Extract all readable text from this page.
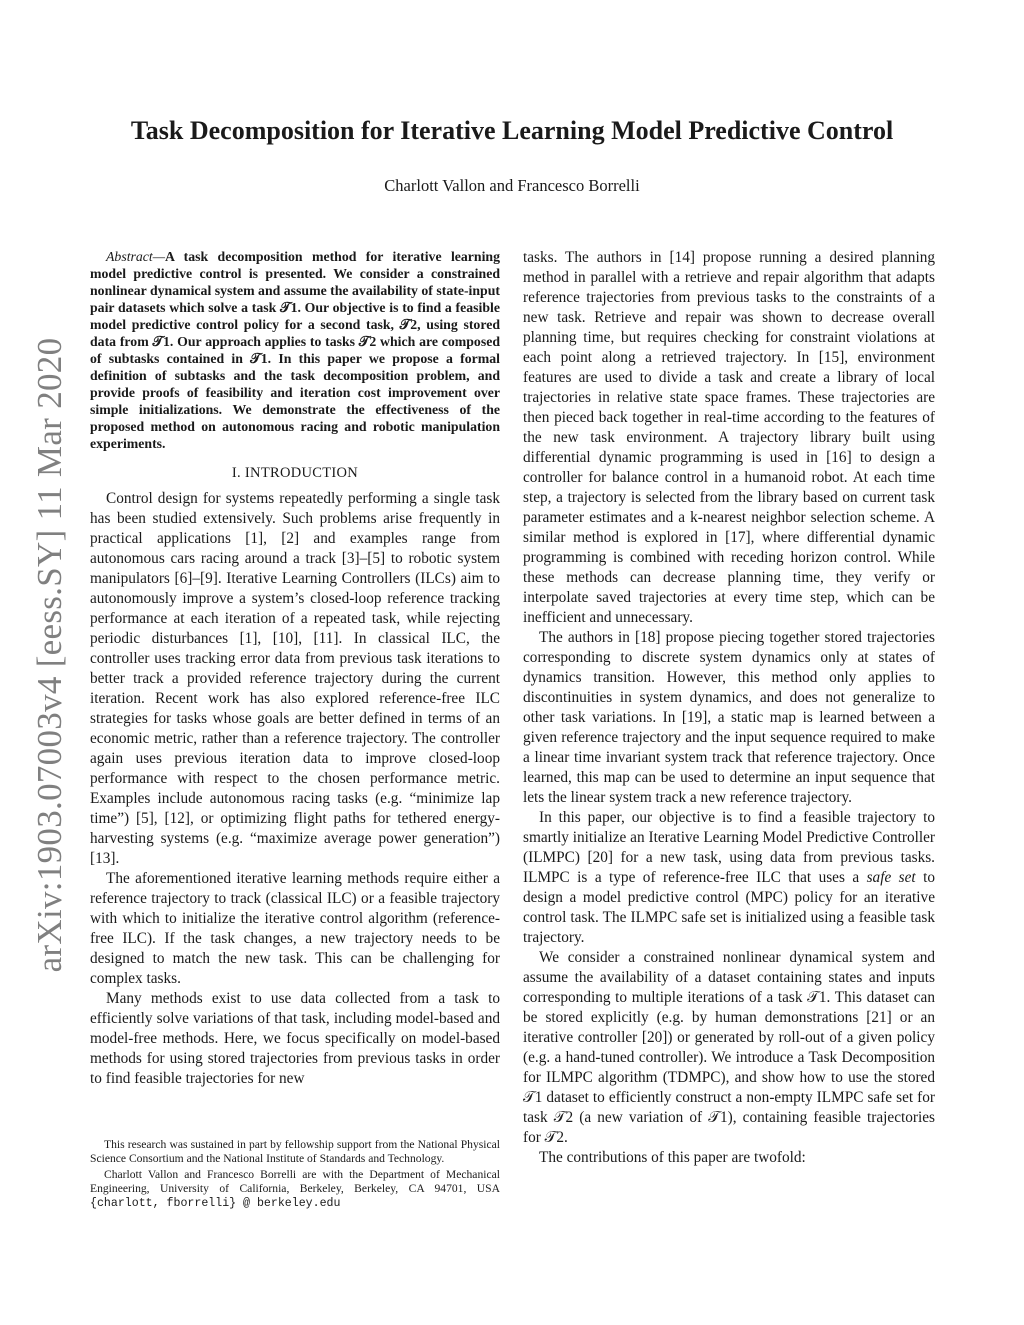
arXiv:1903.07003v4 [eess.SY] 11 Mar 2020
Task Decomposition for Iterative Learning Model Predictive Control
Charlott Vallon and Francesco Borrelli

Abstract—A task decomposition method for iterative learning model predictive control is presented. We consider a constrained nonlinear dynamical system and assume the availability of state-input pair datasets which solve a task 𝒯1. Our objective is to find a feasible model predictive control policy for a second task, 𝒯2, using stored data from 𝒯1. Our approach applies to tasks 𝒯2 which are composed of subtasks contained in 𝒯1. In this paper we propose a formal definition of subtasks and the task decomposition problem, and provide proofs of feasibility and iteration cost improvement over simple initializations. We demonstrate the effectiveness of the proposed method on autonomous racing and robotic manipulation experiments.

I. INTRODUCTION

Control design for systems repeatedly performing a single task has been studied extensively. Such problems arise frequently in practical applications [1], [2] and examples range from autonomous cars racing around a track [3]–[5] to robotic system manipulators [6]–[9]. Iterative Learning Controllers (ILCs) aim to autonomously improve a system’s closed-loop reference tracking performance at each iteration of a repeated task, while rejecting periodic disturbances [1], [10], [11]. In classical ILC, the controller uses tracking error data from previous task iterations to better track a provided reference trajectory during the current iteration. Recent work has also explored reference-free ILC strategies for tasks whose goals are better defined in terms of an economic metric, rather than a reference trajectory. The controller again uses previous iteration data to improve closed-loop performance with respect to the chosen performance metric. Examples include autonomous racing tasks (e.g. “minimize lap time”) [5], [12], or optimizing flight paths for tethered energy-harvesting systems (e.g. “maximize average power generation”) [13].

The aforementioned iterative learning methods require either a reference trajectory to track (classical ILC) or a feasible trajectory with which to initialize the iterative control algorithm (reference-free ILC). If the task changes, a new trajectory needs to be designed to match the new task. This can be challenging for complex tasks.

Many methods exist to use data collected from a task to efficiently solve variations of that task, including model-based and model-free methods. Here, we focus specifically on model-based methods for using stored trajectories from previous tasks in order to find feasible trajectories for new

This research was sustained in part by fellowship support from the National Physical Science Consortium and the National Institute of Standards and Technology.

Charlott Vallon and Francesco Borrelli are with the Department of Mechanical Engineering, University of California, Berkeley, Berkeley, CA 94701, USA {charlott, fborrelli} @ berkeley.edu

tasks. The authors in [14] propose running a desired planning method in parallel with a retrieve and repair algorithm that adapts reference trajectories from previous tasks to the constraints of a new task. Retrieve and repair was shown to decrease overall planning time, but requires checking for constraint violations at each point along a retrieved trajectory. In [15], environment features are used to divide a task and create a library of local trajectories in relative state space frames. These trajectories are then pieced back together in real-time according to the features of the new task environment. A trajectory library built using differential dynamic programming is used in [16] to design a controller for balance control in a humanoid robot. At each time step, a trajectory is selected from the library based on current task parameter estimates and a k-nearest neighbor selection scheme. A similar method is explored in [17], where differential dynamic programming is combined with receding horizon control. While these methods can decrease planning time, they verify or interpolate saved trajectories at every time step, which can be inefficient and unnecessary.

The authors in [18] propose piecing together stored trajectories corresponding to discrete system dynamics only at states of dynamics transition. However, this method only applies to discontinuities in system dynamics, and does not generalize to other task variations. In [19], a static map is learned between a given reference trajectory and the input sequence required to make a linear time invariant system track that reference trajectory. Once learned, this map can be used to determine an input sequence that lets the linear system track a new reference trajectory.

In this paper, our objective is to find a feasible trajectory to smartly initialize an Iterative Learning Model Predictive Controller (ILMPC) [20] for a new task, using data from previous tasks. ILMPC is a type of reference-free ILC that uses a safe set to design a model predictive control (MPC) policy for an iterative control task. The ILMPC safe set is initialized using a feasible task trajectory.

We consider a constrained nonlinear dynamical system and assume the availability of a dataset containing states and inputs corresponding to multiple iterations of a task 𝒯1. This dataset can be stored explicitly (e.g. by human demonstrations [21] or an iterative controller [20]) or generated by roll-out of a given policy (e.g. a hand-tuned controller). We introduce a Task Decomposition for ILMPC algorithm (TDMPC), and show how to use the stored 𝒯1 dataset to efficiently construct a non-empty ILMPC safe set for task 𝒯2 (a new variation of 𝒯1), containing feasible trajectories for 𝒯2.

The contributions of this paper are twofold:
